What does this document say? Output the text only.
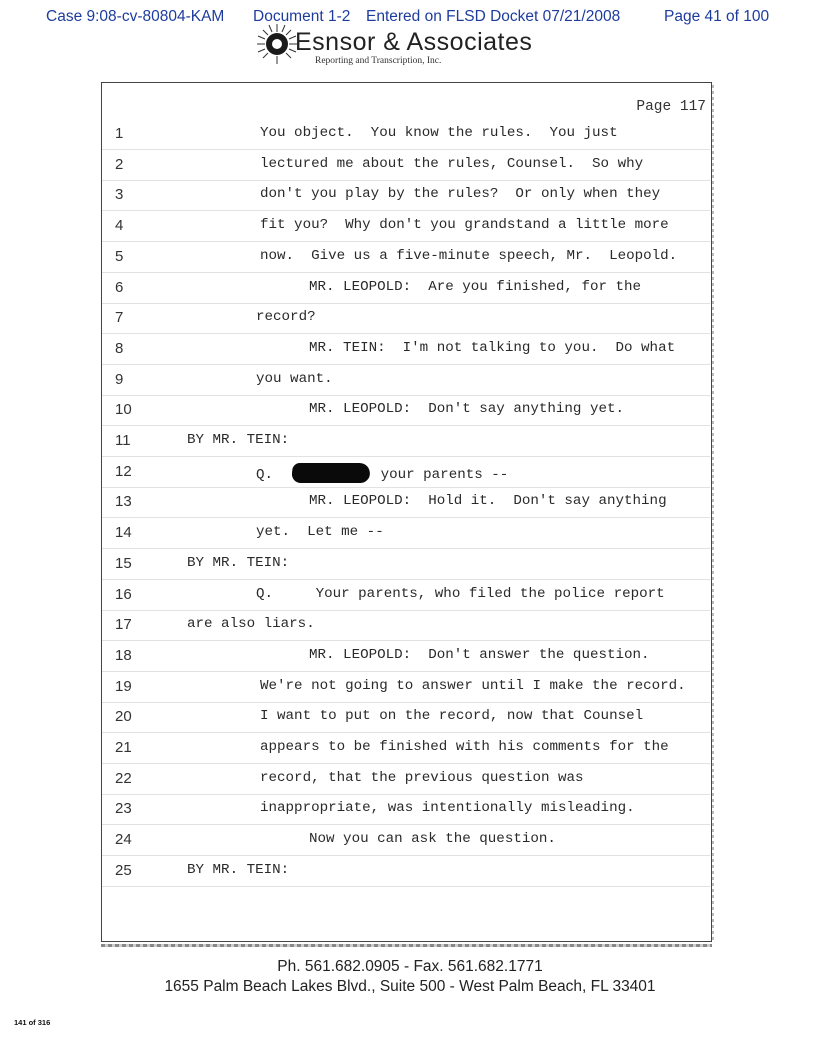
Case 9:08-cv-80804-KAM Document 1-2 Entered on FLSD Docket 07/21/2008	Page 41 of 100
Esnsor & Associates
Reporting and Transcription, Inc.
Page 117
1	You object.  You know the rules.  You just
2	lectured me about the rules, Counsel.  So why
3	don't you play by the rules?  Or only when they
4	fit you?  Why don't you grandstand a little more
5	now.  Give us a five-minute speech, Mr.  Leopold.
6	MR. LEOPOLD:  Are you finished, for the
7	record?
8	MR. TEIN:  I'm not talking to you.  Do what
9	you want.
10	MR. LEOPOLD:  Don't say anything yet.
11	BY MR. TEIN:
12	Q.	your parents --
13	MR. LEOPOLD:  Hold it.  Don't say anything
14	yet.  Let me --
15	BY MR. TEIN:
16	Q.     Your parents, who filed the police report
17	are also liars.
18	MR. LEOPOLD:  Don't answer the question.
19	We're not going to answer until I make the record.
20	I want to put on the record, now that Counsel
21	appears to be finished with his comments for the
22	record, that the previous question was
23	inappropriate, was intentionally misleading.
24	Now you can ask the question.
25	BY MR. TEIN:
Ph. 561.682.0905 - Fax. 561.682.1771
1655 Palm Beach Lakes Blvd., Suite 500 - West Palm Beach, FL 33401
141 of 316
